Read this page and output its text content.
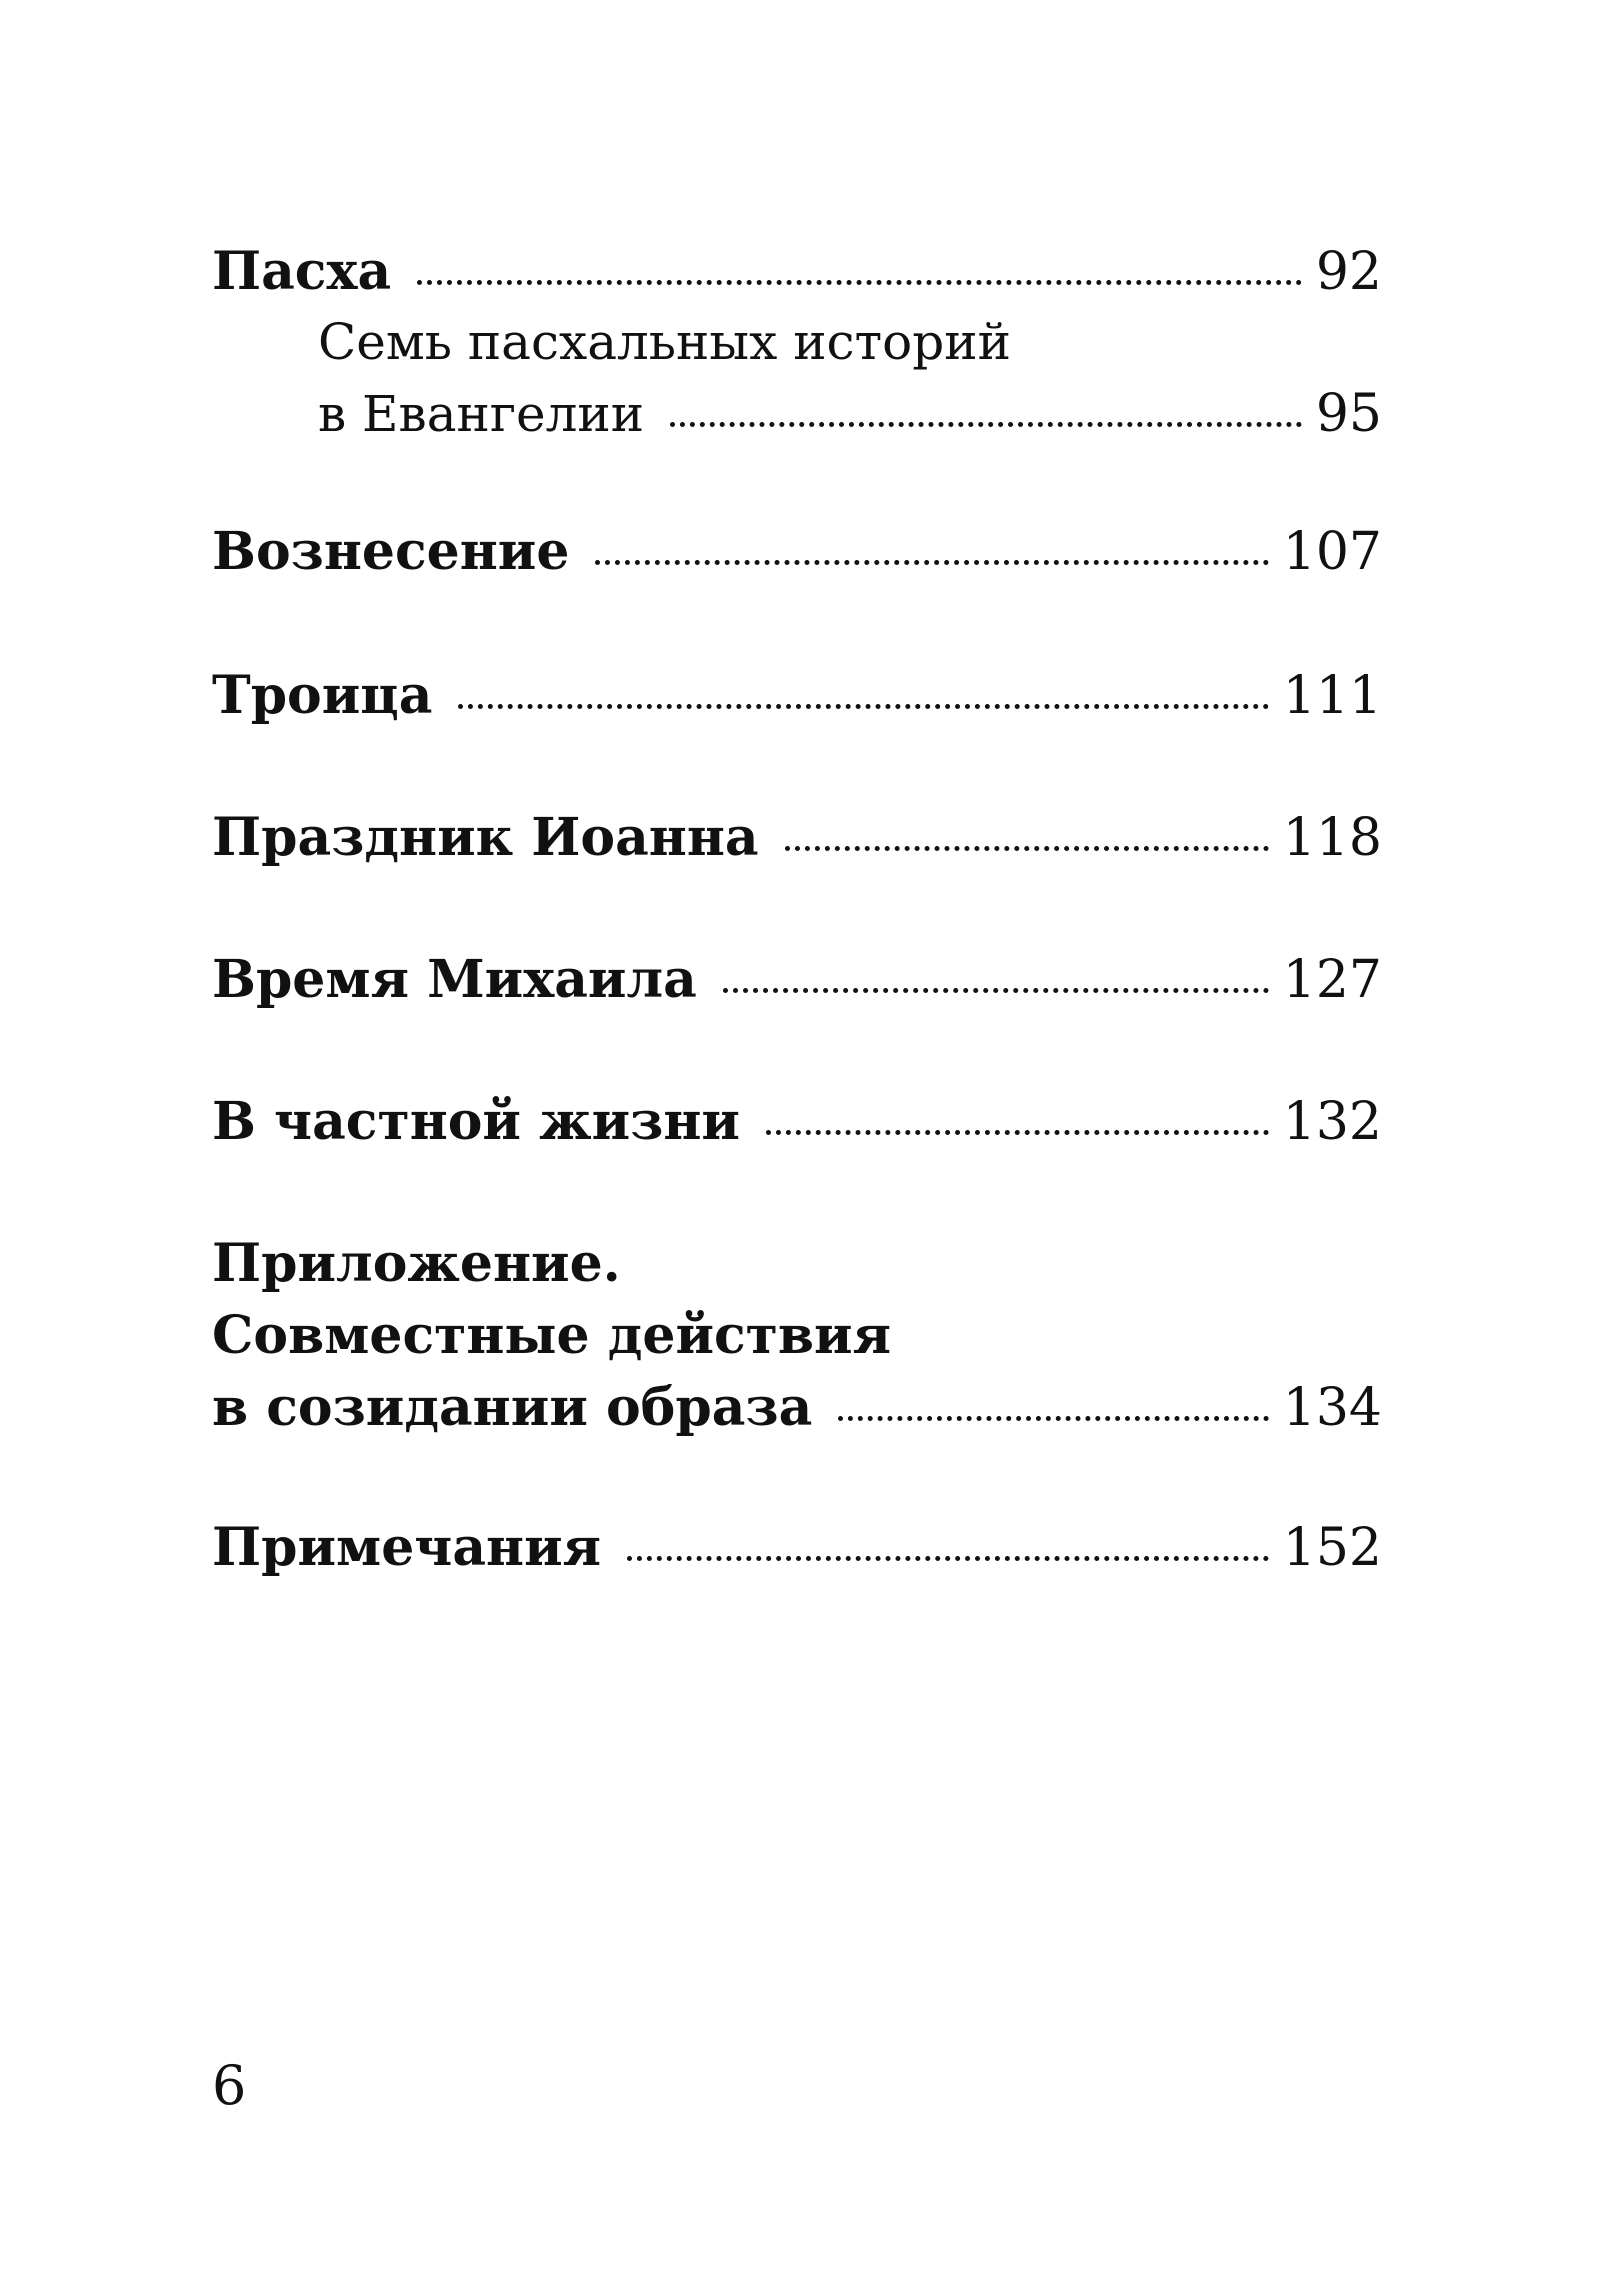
Пасха	92
Семь пасхальных историй
в Евангелии	95
Вознесение	107
Троица	111
Праздник Иоанна	118
Время Михаила	127
В частной жизни	132
Приложение.
Совместные действия
в созидании образа	134
Примечания	152
6
